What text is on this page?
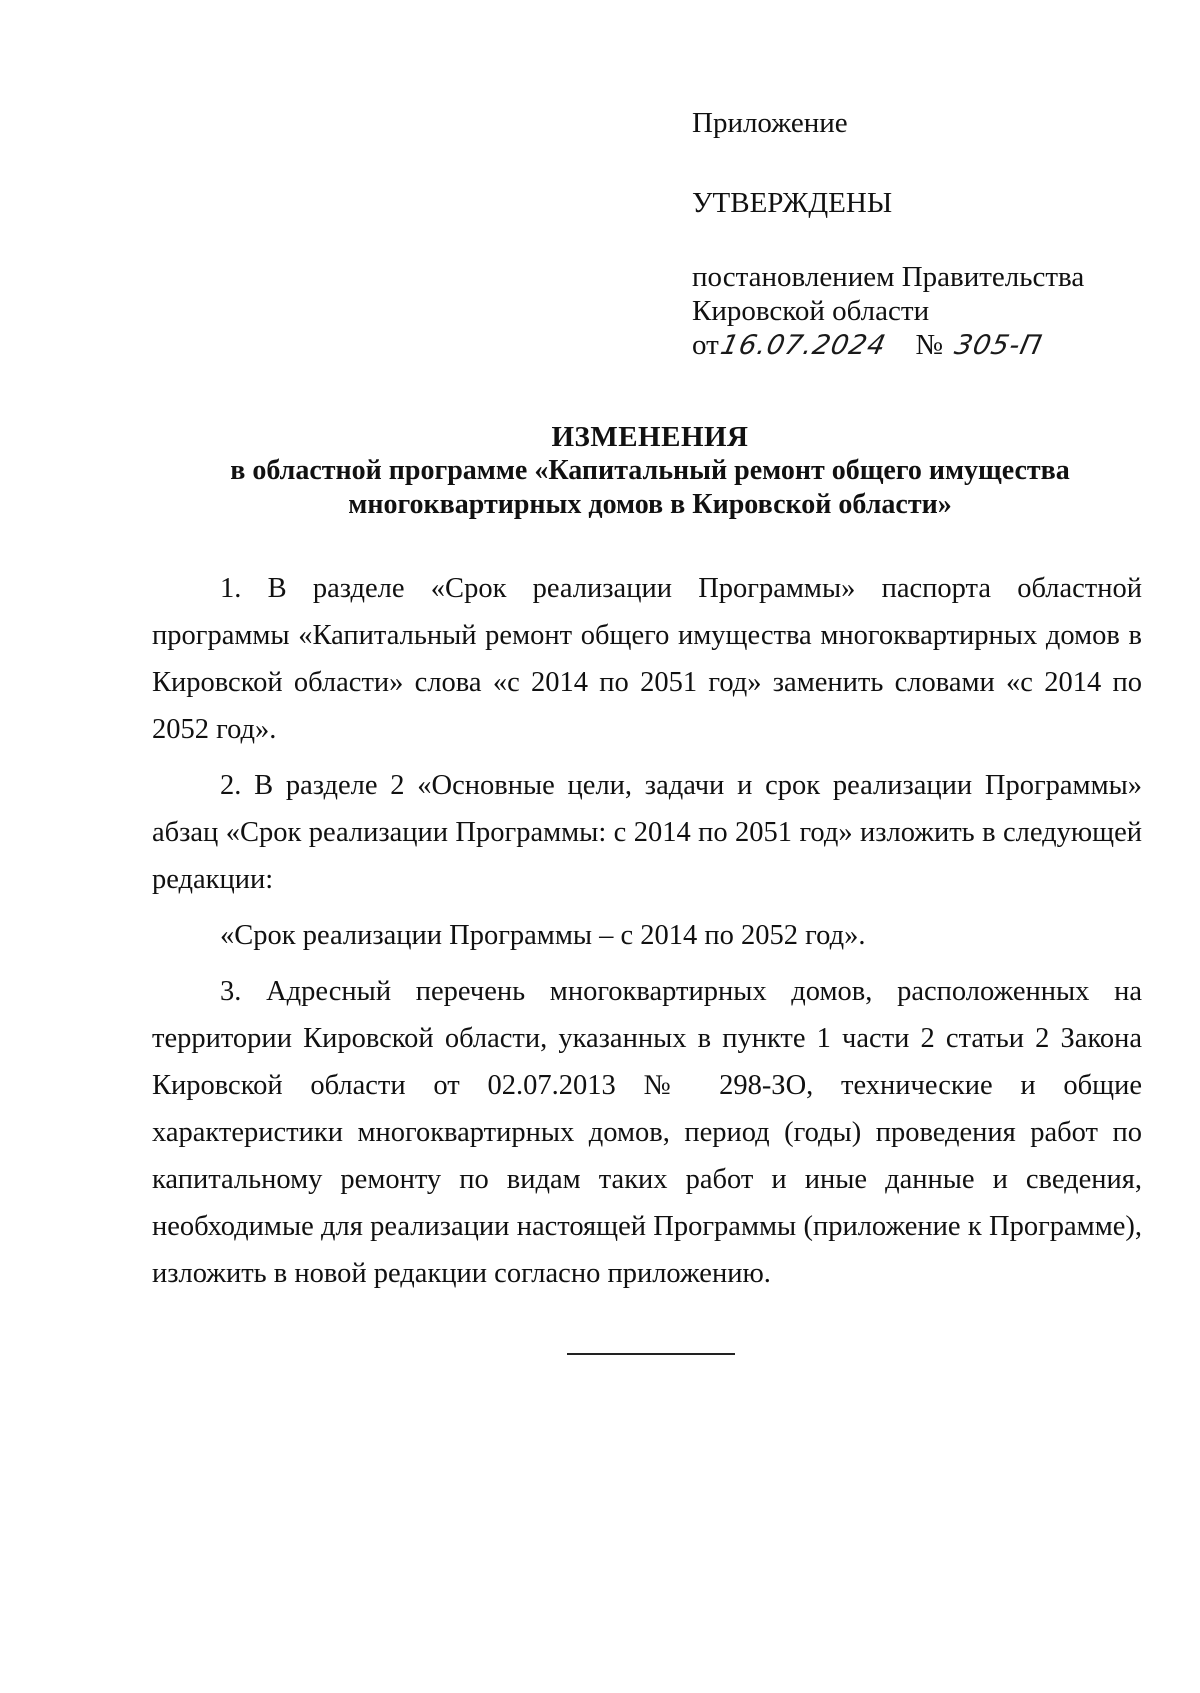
Приложение

УТВЕРЖДЕНЫ

постановлением Правительства
Кировской области
от
16.07.2024 № 305-П
ИЗМЕНЕНИЯ
в областной программе «Капитальный ремонт общего имущества
многоквартирных домов в Кировской области»

1. В разделе «Срок реализации Программы» паспорта областной программы «Капитальный ремонт общего имущества многоквартирных домов в Кировской области» слова «с 2014 по 2051 год» заменить словами «с 2014 по 2052 год».

2. В разделе 2 «Основные цели, задачи и срок реализации Программы» абзац «Срок реализации Программы: с 2014 по 2051 год» изложить в следующей редакции:

«Срок реализации Программы – с 2014 по 2052 год».

3. Адресный перечень многоквартирных домов, расположенных на территории Кировской области, указанных в пункте 1 части 2 статьи 2 Закона Кировской области от 02.07.2013 № 298-ЗО, технические и общие характеристики многоквартирных домов, период (годы) проведения работ по капитальному ремонту по видам таких работ и иные данные и сведения, необходимые для реализации настоящей Программы (приложение к Программе), изложить в новой редакции согласно приложению.
